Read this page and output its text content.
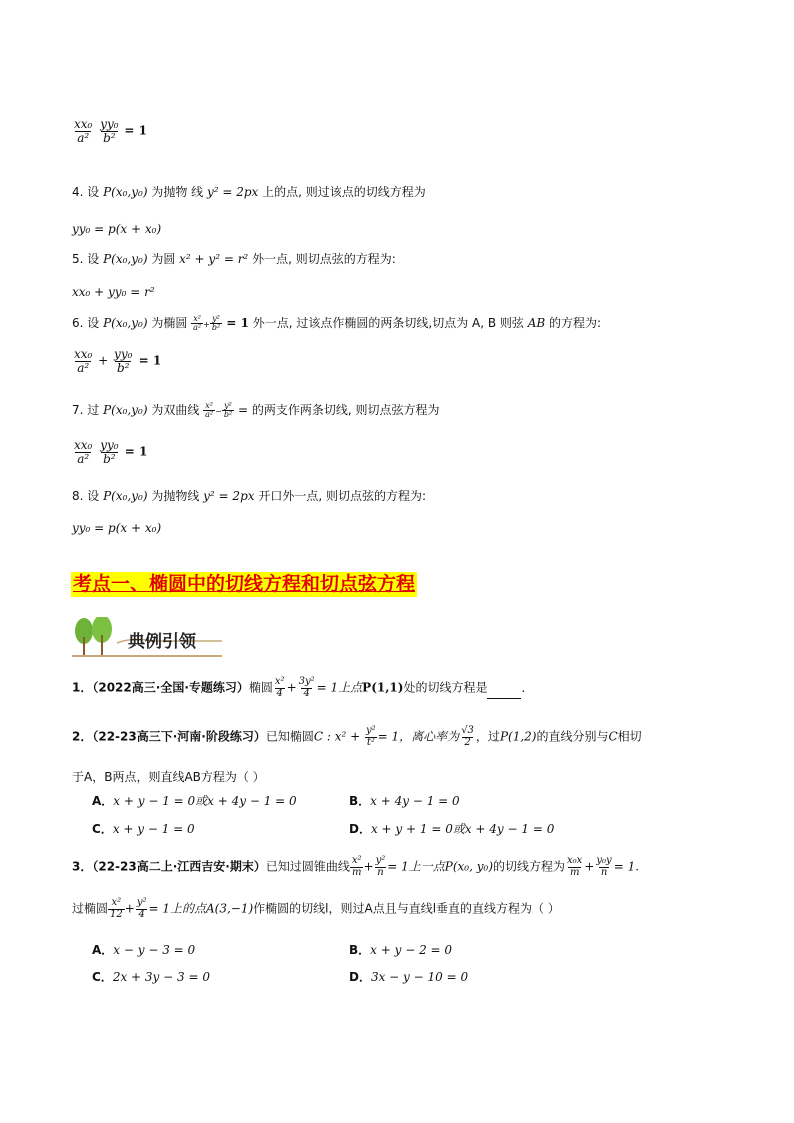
$\frac{\text{xx₀}}{\text{a²}}$
$\frac{\text{yy₀}}{\text{b²}} = 1$
4. 设 P(x₀,y₀) 为抛物 线 y² = 2px 上的点, 则过该点的切线方程为
yy₀ = p(x + x₀)
5. 设 P(x₀,y₀) 为圆 x² + y² = r² 外一点, 则切点弦的方程为:
xx₀ + yy₀ = r²
6. 设 P(x₀,y₀) 为椭圆 $\frac{\text{x²}}{\text{a²}} + \frac{\text{y²}}{\text{b²}} = 1$ 外一点, 过该点作椭圆的两条切线,切点为 A, B 则弦 AB 的方程为:
$\frac{\text{xx₀}}{\text{a²}} + \frac{\text{yy₀}}{\text{b²}} = 1$
7. 过 P(x₀,y₀) 为双曲线 $\frac{\text{x²}}{\text{a²}} - \frac{\text{y²}}{\text{b²}}$ = 的两支作两条切线, 则切点弦方程为
$\frac{\text{xx₀}}{\text{a²}}$
$\frac{\text{yy₀}}{\text{b²}} = 1$
8. 设 P(x₀,y₀) 为抛物线 y² = 2px 开口外一点, 则切点弦的方程为:
yy₀ = p(x + x₀)
考点一、椭圆中的切线方程和切点弦方程
典例引领
1．（2022高三·全国·专题练习）椭圆 $\frac{\text{x²}}{4} + \frac{\text{3y²}}{4} = 1$上点P(1,1)处的切线方程是	．
2．（22-23高三下·河南·阶段练习）已知椭圆C : $x^2 + \frac{\text{y²}}{\text{t²}} = 1$，离心率为 $\frac{√3}{2}$ ，过P(1,2)的直线分别与C相切
于A，B两点，则直线AB方程为（ ）
A．x + y − 1 = 0或x + 4y − 1 = 0	B．x + 4y − 1 = 0
C．x + y − 1 = 0	D．x + y + 1 = 0或x + 4y − 1 = 0
3．（22-23高二上·江西吉安·期末）已知过圆锥曲线 $\frac{\text{x²}}{m} + \frac{\text{y²}}{n} = 1$上一点P(x₀, y₀)的切线方程为 $\frac{\text{x₀x}}{m} + \frac{\text{y₀y}}{n} = 1$.
过椭圆 $\frac{\text{x²}}{12} + \frac{\text{y²}}{4} = 1$上的点A(3,−1)作椭圆的切线l，则过A点且与直线l垂直的直线方程为（ ）
A．x − y − 3 = 0	B．x + y − 2 = 0
C．2x + 3y − 3 = 0	D．3x − y − 10 = 0
